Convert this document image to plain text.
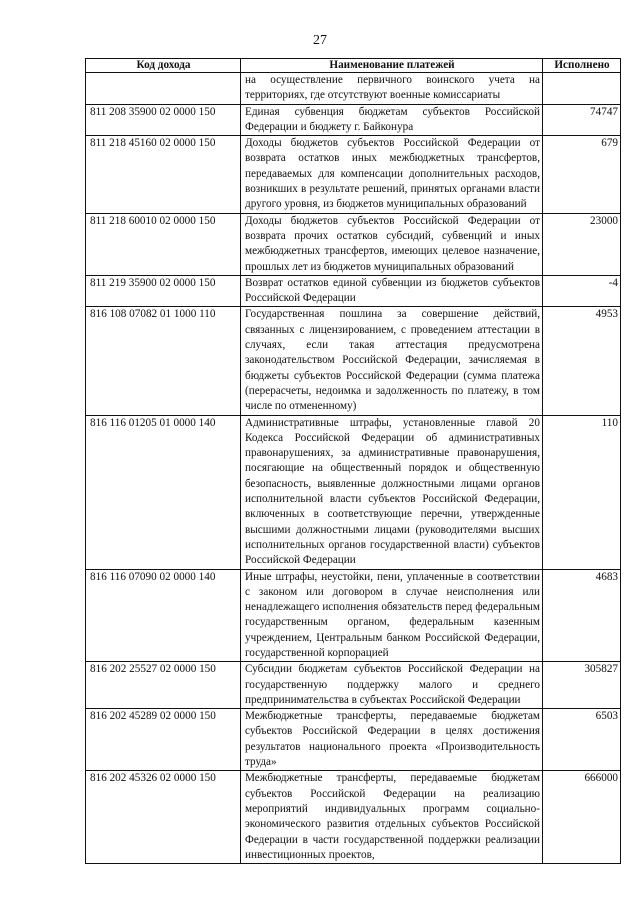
27
Код дохода	Наименование платежей	Исполнено
	на осуществление первичного воинского учета на территориях, где отсутствуют военные комиссариаты	
811 208 35900 02 0000 150	Единая субвенция бюджетам субъектов Российской Федерации и бюджету г. Байконура	74747
811 218 45160 02 0000 150	Доходы бюджетов субъектов Российской Федерации от возврата остатков иных межбюджетных трансфертов, передаваемых для компенсации дополнительных расходов, возникших в результате решений, принятых органами власти другого уровня, из бюджетов муниципальных образований	679
811 218 60010 02 0000 150	Доходы бюджетов субъектов Российской Федерации от возврата прочих остатков субсидий, субвенций и иных межбюджетных трансфертов, имеющих целевое назначение, прошлых лет из бюджетов муниципальных образований	23000
811 219 35900 02 0000 150	Возврат остатков единой субвенции из бюджетов субъектов Российской Федерации	-4
816 108 07082 01 1000 110	Государственная пошлина за совершение действий, связанных с лицензированием, с проведением аттестации в случаях, если такая аттестация предусмотрена законодательством Российской Федерации, зачисляемая в бюджеты субъектов Российской Федерации (сумма платежа (перерасчеты, недоимка и задолженность по платежу, в том числе по отмененному)	4953
816 116 01205 01 0000 140	Административные штрафы, установленные главой 20 Кодекса Российской Федерации об административных правонарушениях, за административные правонарушения, посягающие на общественный порядок и общественную безопасность, выявленные должностными лицами органов исполнительной власти субъектов Российской Федерации, включенных в соответствующие перечни, утвержденные высшими должностными лицами (руководителями высших исполнительных органов государственной власти) субъектов Российской Федерации	110
816 116 07090 02 0000 140	Иные штрафы, неустойки, пени, уплаченные в соответствии с законом или договором в случае неисполнения или ненадлежащего исполнения обязательств перед федеральным государственным органом, федеральным казенным учреждением, Центральным банком Российской Федерации, государственной корпорацией	4683
816 202 25527 02 0000 150	Субсидии бюджетам субъектов Российской Федерации на государственную поддержку малого и среднего предпринимательства в субъектах Российской Федерации	305827
816 202 45289 02 0000 150	Межбюджетные трансферты, передаваемые бюджетам субъектов Российской Федерации в целях достижения результатов национального проекта «Производительность труда»	6503
816 202 45326 02 0000 150	Межбюджетные трансферты, передаваемые бюджетам субъектов Российской Федерации на реализацию мероприятий индивидуальных программ социально-экономического развития отдельных субъектов Российской Федерации в части государственной поддержки реализации инвестиционных проектов,	666000
